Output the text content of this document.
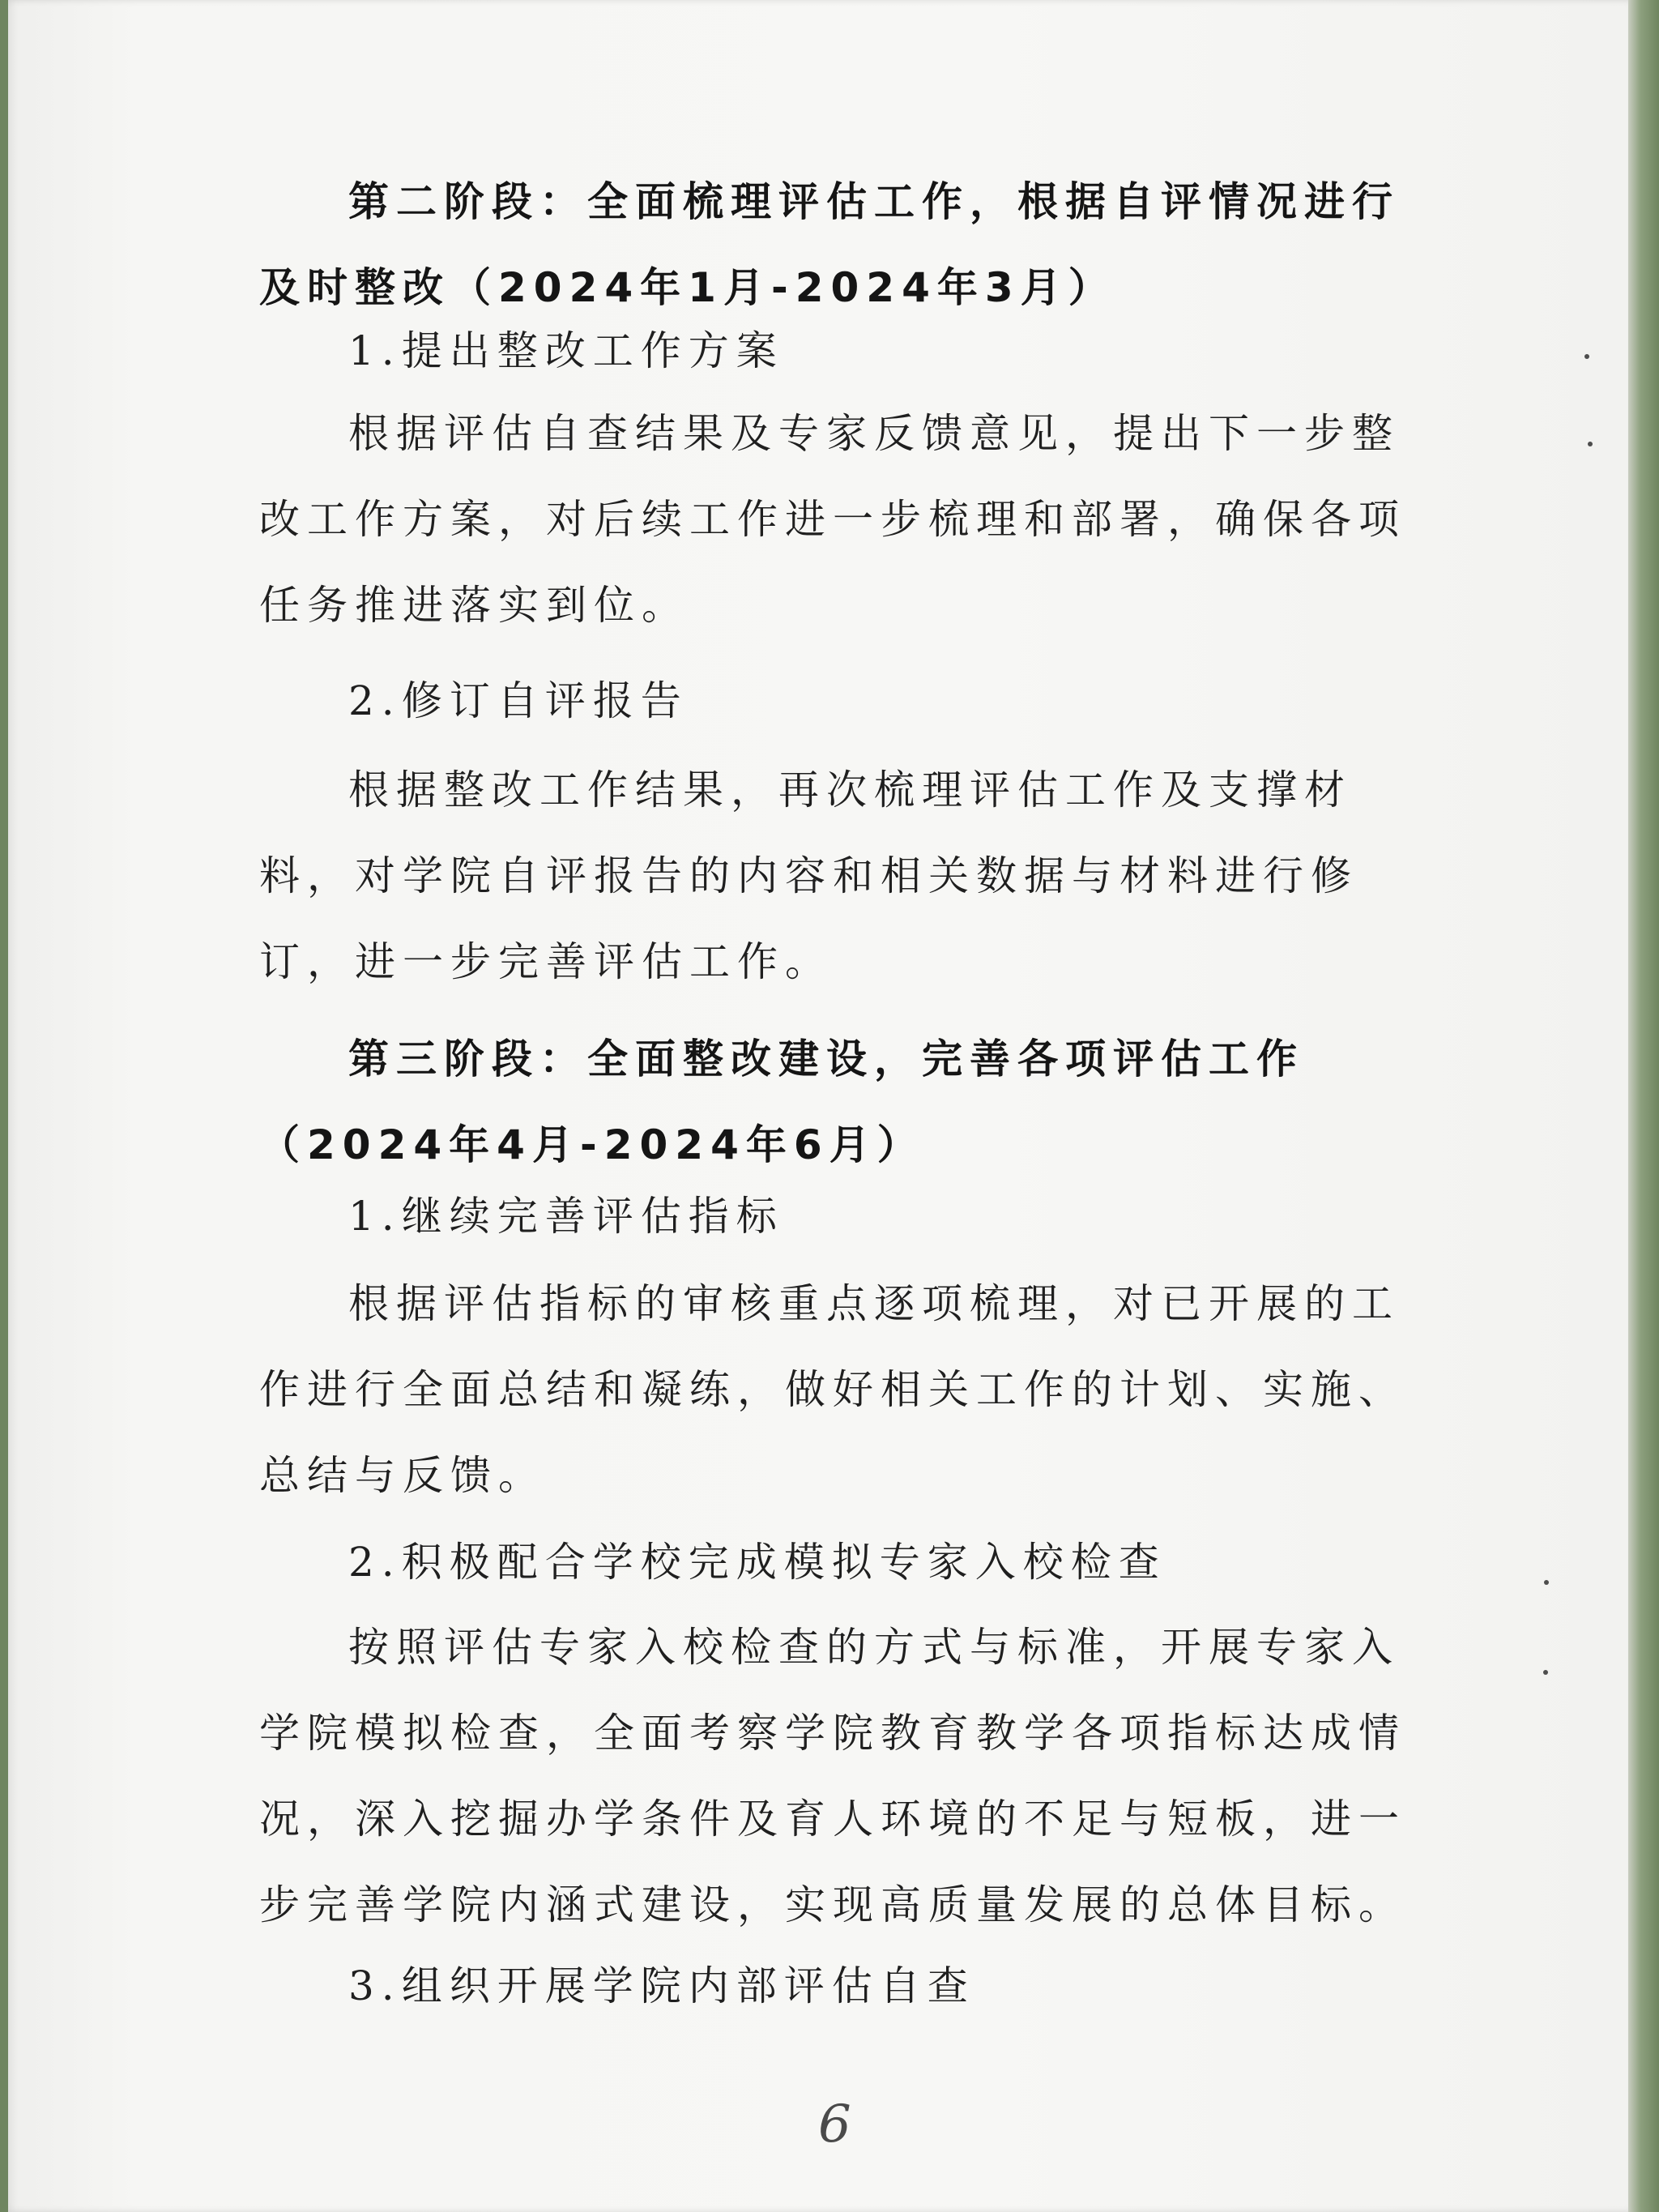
第二阶段：全面梳理评估工作，根据自评情况进行及时整改（2024年1月-2024年3月）

1.提出整改工作方案

根据评估自查结果及专家反馈意见，提出下一步整改工作方案，对后续工作进一步梳理和部署，确保各项任务推进落实到位。

2.修订自评报告

根据整改工作结果，再次梳理评估工作及支撑材料，对学院自评报告的内容和相关数据与材料进行修订，进一步完善评估工作。

第三阶段：全面整改建设，完善各项评估工作（2024年4月-2024年6月）

1.继续完善评估指标

根据评估指标的审核重点逐项梳理，对已开展的工作进行全面总结和凝练，做好相关工作的计划、实施、总结与反馈。

2.积极配合学校完成模拟专家入校检查

按照评估专家入校检查的方式与标准，开展专家入学院模拟检查，全面考察学院教育教学各项指标达成情况，深入挖掘办学条件及育人环境的不足与短板，进一步完善学院内涵式建设，实现高质量发展的总体目标。

3.组织开展学院内部评估自查

6
